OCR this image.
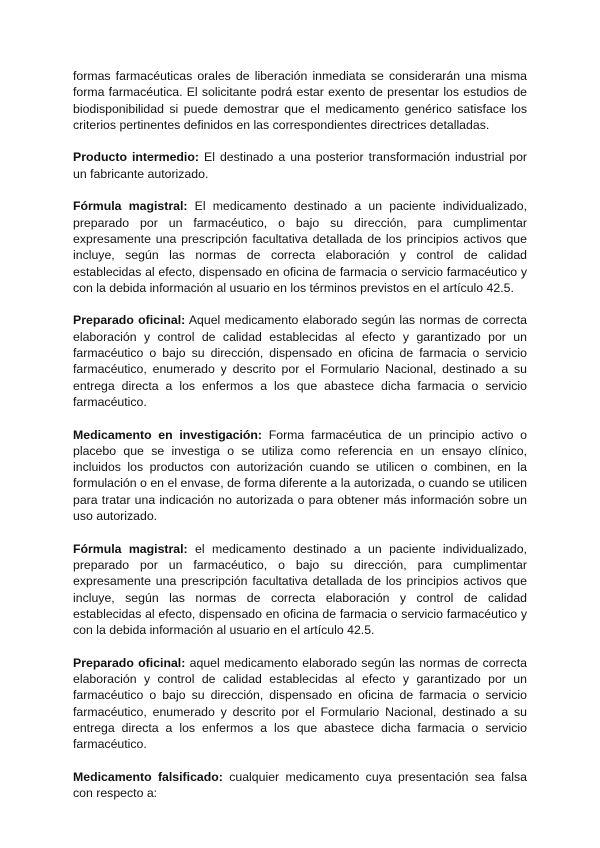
formas farmacéuticas orales de liberación inmediata se considerarán una misma forma farmacéutica. El solicitante podrá estar exento de presentar los estudios de biodisponibilidad si puede demostrar que el medicamento genérico satisface los criterios pertinentes definidos en las correspondientes directrices detalladas.

Producto intermedio: El destinado a una posterior transformación industrial por un fabricante autorizado.

Fórmula magistral: El medicamento destinado a un paciente individualizado, preparado por un farmacéutico, o bajo su dirección, para cumplimentar expresamente una prescripción facultativa detallada de los principios activos que incluye, según las normas de correcta elaboración y control de calidad establecidas al efecto, dispensado en oficina de farmacia o servicio farmacéutico y con la debida información al usuario en los términos previstos en el artículo 42.5.

Preparado oficinal: Aquel medicamento elaborado según las normas de correcta elaboración y control de calidad establecidas al efecto y garantizado por un farmacéutico o bajo su dirección, dispensado en oficina de farmacia o servicio farmacéutico, enumerado y descrito por el Formulario Nacional, destinado a su entrega directa a los enfermos a los que abastece dicha farmacia o servicio farmacéutico.

Medicamento en investigación: Forma farmacéutica de un principio activo o placebo que se investiga o se utiliza como referencia en un ensayo clínico, incluidos los productos con autorización cuando se utilicen o combinen, en la formulación o en el envase, de forma diferente a la autorizada, o cuando se utilicen para tratar una indicación no autorizada o para obtener más información sobre un uso autorizado.

Fórmula magistral: el medicamento destinado a un paciente individualizado, preparado por un farmacéutico, o bajo su dirección, para cumplimentar expresamente una prescripción facultativa detallada de los principios activos que incluye, según las normas de correcta elaboración y control de calidad establecidas al efecto, dispensado en oficina de farmacia o servicio farmacéutico y con la debida información al usuario en el artículo 42.5.

Preparado oficinal: aquel medicamento elaborado según las normas de correcta elaboración y control de calidad establecidas al efecto y garantizado por un farmacéutico o bajo su dirección, dispensado en oficina de farmacia o servicio farmacéutico, enumerado y descrito por el Formulario Nacional, destinado a su entrega directa a los enfermos a los que abastece dicha farmacia o servicio farmacéutico.

Medicamento falsificado: cualquier medicamento cuya presentación sea falsa con respecto a:
